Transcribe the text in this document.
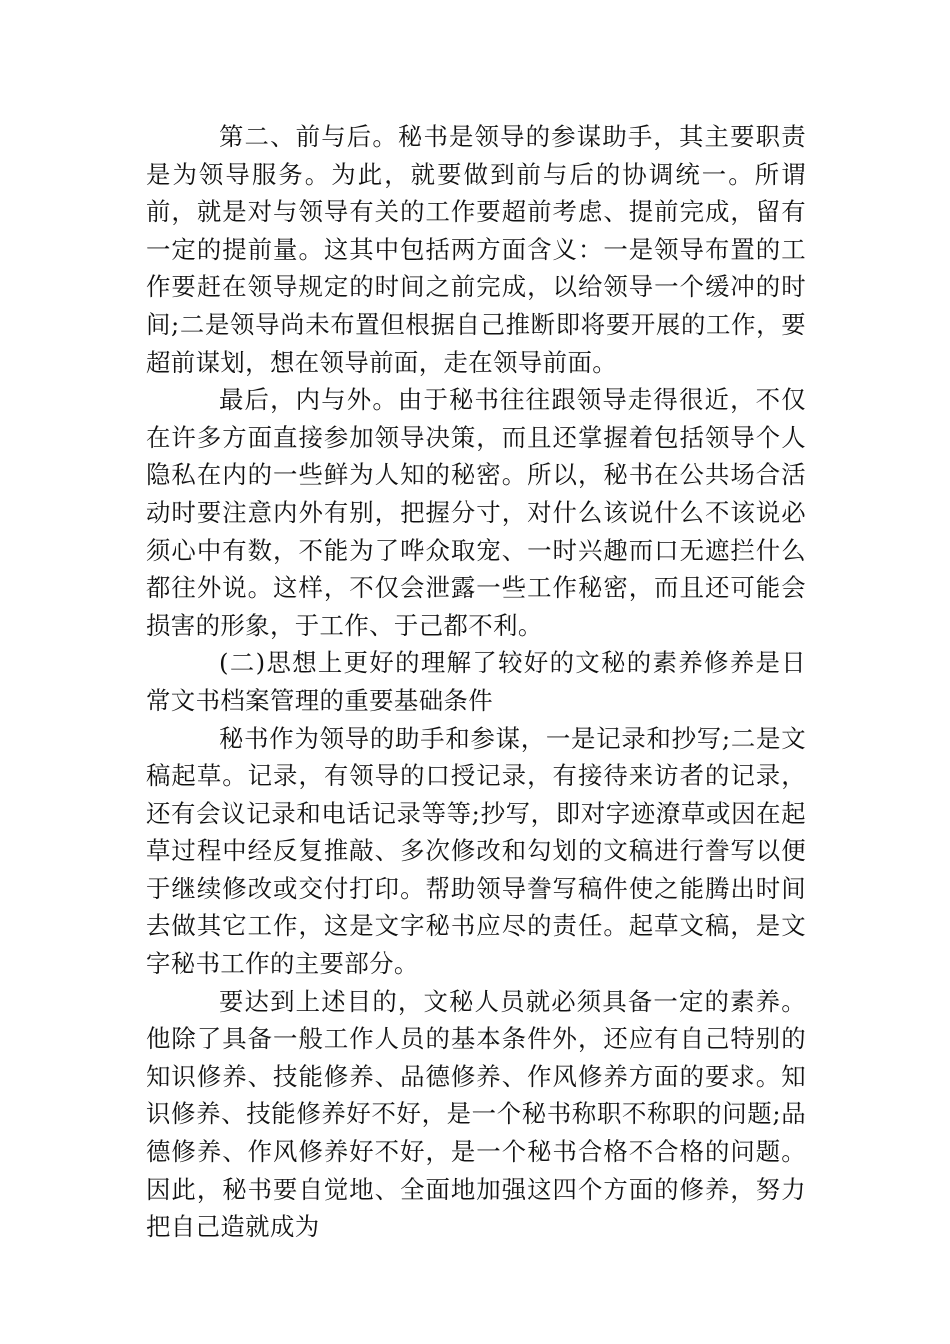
第二、前与后。秘书是领导的参谋助手，其主要职责是为领导服务。为此，就要做到前与后的协调统一。所谓前，就是对与领导有关的工作要超前考虑、提前完成，留有一定的提前量。这其中包括两方面含义：一是领导布置的工作要赶在领导规定的时间之前完成，以给领导一个缓冲的时间;二是领导尚未布置但根据自己推断即将要开展的工作，要超前谋划，想在领导前面，走在领导前面。

最后，内与外。由于秘书往往跟领导走得很近，不仅在许多方面直接参加领导决策，而且还掌握着包括领导个人隐私在内的一些鲜为人知的秘密。所以，秘书在公共场合活动时要注意内外有别，把握分寸，对什么该说什么不该说必须心中有数，不能为了哗众取宠、一时兴趣而口无遮拦什么都往外说。这样，不仅会泄露一些工作秘密，而且还可能会损害的形象，于工作、于己都不利。

(二)思想上更好的理解了较好的文秘的素养修养是日常文书档案管理的重要基础条件

秘书作为领导的助手和参谋，一是记录和抄写;二是文稿起草。记录，有领导的口授记录，有接待来访者的记录，还有会议记录和电话记录等等;抄写，即对字迹潦草或因在起草过程中经反复推敲、多次修改和勾划的文稿进行誊写以便于继续修改或交付打印。帮助领导誊写稿件使之能腾出时间去做其它工作，这是文字秘书应尽的责任。起草文稿，是文字秘书工作的主要部分。

要达到上述目的，文秘人员就必须具备一定的素养。他除了具备一般工作人员的基本条件外，还应有自己特别的知识修养、技能修养、品德修养、作风修养方面的要求。知识修养、技能修养好不好，是一个秘书称职不称职的问题;品德修养、作风修养好不好，是一个秘书合格不合格的问题。因此，秘书要自觉地、全面地加强这四个方面的修养，努力把自己造就成为
